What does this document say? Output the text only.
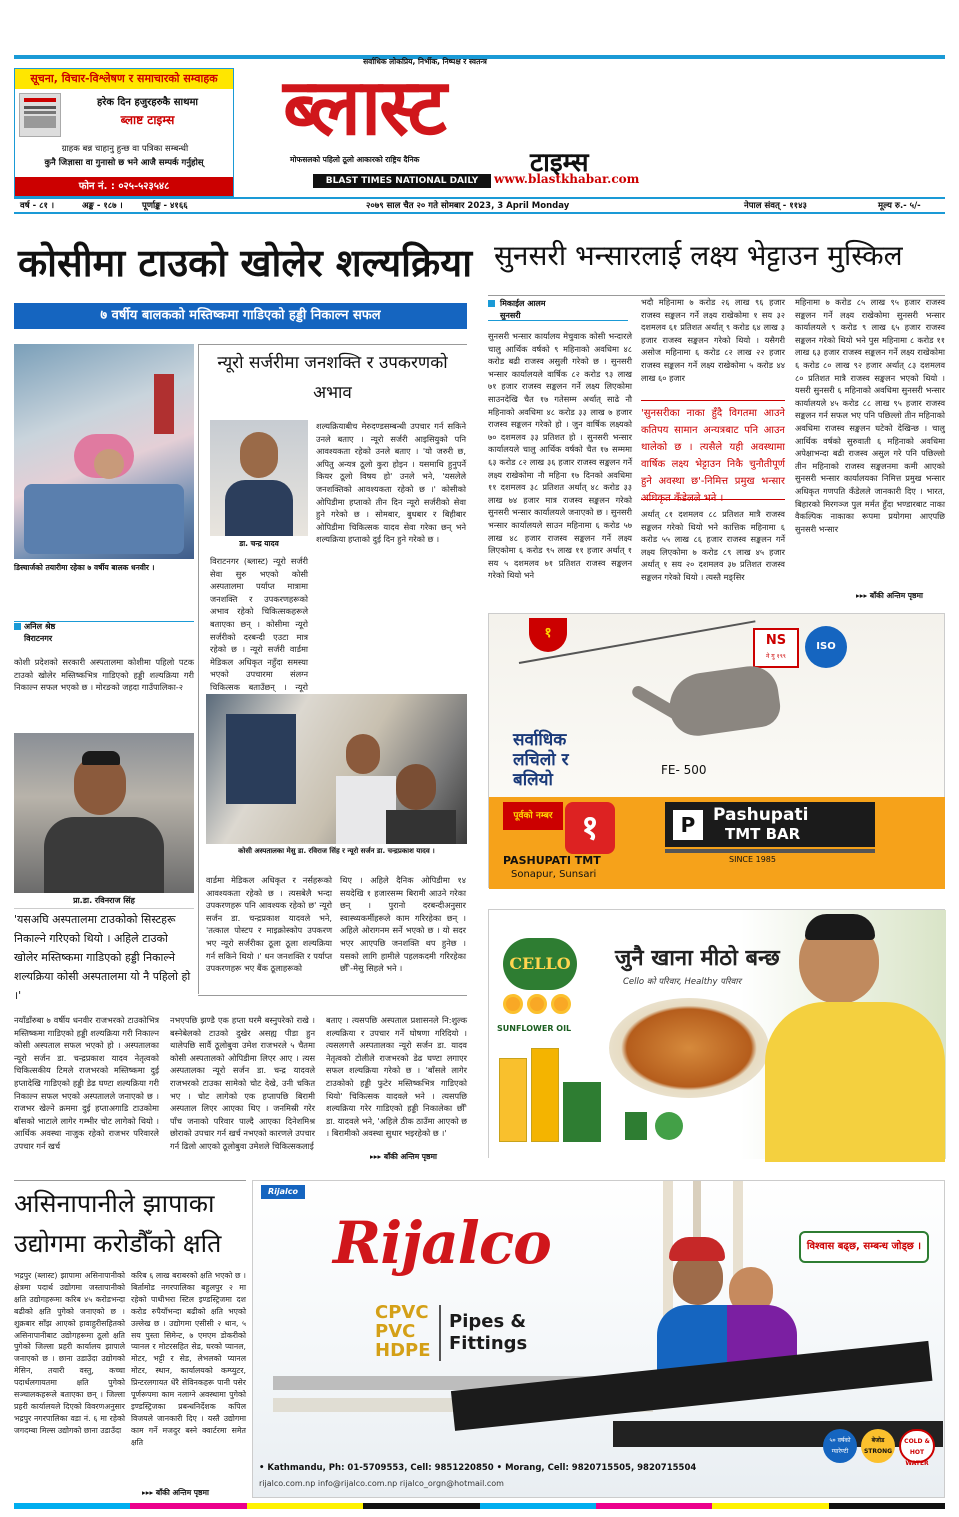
सूचना, विचार-विश्लेषण र समाचारको सम्वाहक
हरेक दिन हजुरहरुकै साथमा
ब्लाष्ट टाइम्स
ग्राहक बन्न चाहानु हुन्छ वा पत्रिका सम्बन्धी
कुनै जिज्ञासा वा गुनासो छ भने आजै सम्पर्क गर्नुहोस्
फोन नं. : ०२५-५२३५४८
सर्वाधिक लोकप्रिय, निर्भीक, निष्पक्ष र स्वतन्त्र
ब्लास्ट
टाइम्स
मोफसलको पहिलो ठूलो आकारको राष्ट्रिय दैनिक
BLAST TIMES NATIONAL DAILY	www.blastkhabar.com
वर्ष - ८१ ।	अङ्क - १८७ । पूर्णाङ्क - ४१६६	२०७९ साल चैत २० गते सोमबार 2023, 3 April Monday	नेपाल संवत् - ११४३	मूल्य रु.- ५/-
कोसीमा टाउको खोलेर शल्यक्रिया
७ वर्षीय बालकको मस्तिष्कमा गाडिएको हड्डी निकाल्न सफल
डिस्चार्जको तयारीमा रहेका ७ वर्षीय बालक धनवीर ।
अनिल श्रेष्ठ
विराटनगर
कोशी प्रदेशको सरकारी अस्पतालमा कोशीमा पहिलो पटक टाउको खोलेर मस्तिष्कभित्र गाडिएको हड्डी शल्यक्रिया गरी निकाल्न सफल भएको छ । मोरङको जहदा गाउँपालिका-२
प्रा.डा. रविनराज सिंह
'यसअघि अस्पतालमा टाउकोको सिस्टहरू निकाल्ने गरिएको थियो । अहिले टाउको खोलेर मस्तिष्कमा गाडिएको हड्डी निकाल्ने शल्यक्रिया कोसी अस्पतालमा यो नै पहिलो हो ।'
न्यूरो सर्जरीमा जनशक्ति र उपकरणको अभाव
डा. चन्द्र यादव
शल्यक्रियाबीच मेरुदण्डसम्बन्धी उपचार गर्न सकिने उनले बताए । न्यूरो सर्जरी आइसियुको पनि आवश्यकता रहेको उनले बताए । 'यो जरुरी छ, अपितु अन्यत्र ठूलो कुरा होइन । यसमाथि हुनुपर्ने कियर ठूलो विषय हो' उनले भने, 'यसलेले जनशक्तिको आवश्यकता रहेको छ ।' कोसीको ओपिडीमा हप्ताको तीन दिन न्यूरो सर्जरीको सेवा हुने गरेको छ । सोमबार, बुधबार र बिहीबार ओपिडीमा चिकित्सक यादव सेवा गरेका छन् भने शल्यक्रिया हप्ताको दुई दिन हुने गरेको छ ।
विराटनगर (ब्लास्ट) न्यूरो सर्जरी सेवा सुरु भएको कोसी अस्पतालमा पर्याप्त मात्रामा जनशक्ति र उपकरणहरूको अभाव रहेको चिकित्सकहरूले बताएका छन् । कोसीमा न्यूरो सर्जरीको दरबन्दी एउटा मात्र रहेको छ । न्यूरो सर्जरी वार्डमा मेडिकल अधिकृत नहुँदा समस्या भएको उपचारमा संलग्न चिकित्सक बताउँछन् । न्यूरो
कोसी अस्पतालका मेसु डा. रविराज सिंह र न्यूरो सर्जन डा. चन्द्रप्रकाश यादव ।
वार्डमा मेडिकल अधिकृत र नर्सहरूको आवश्यकता रहेको छ । त्यसबेलै भन्दा उपकरणहरू पनि आवश्यक रहेको छ' न्यूरो सर्जन डा. चन्द्रप्रकाश यादवले भने, 'तत्काल पोस्टप र माइक्रोस्कोप उपकरण भए न्यूरो सर्जरीका ठूला ठूला शल्यक्रिया गर्न सकिने थियो ।' धन जनशक्ति र पर्याप्त उपकरणहरू भए बैंक ठूलाहरूको
थिए । अहिले दैनिक ओपिडीमा १४ सयदेखि १ हजारसम्म बिरामी आउने गरेका छन् । पुरानो दरबन्दीअनुसार स्वास्थ्यकर्मीहरूले काम गरिरहेका छन् । अहिले ओरागनम सर्ने भएको छ । यो सदर भएर आएपछि जनशक्ति थप हुनेछ । यसको लागि हामीले पहलकदमी गरिरहेका छौँ'-मेसु सिहले भने ।
नयाँडाँरुबा ७ वर्षीय धनवीर राजभरको टाउकोभित्र मस्तिष्कमा गाडिएको हड्डी शल्यक्रिया गरी निकाल्न कोसी अस्पताल सफल भएको हो । अस्पतालका न्यूरो सर्जन डा. चन्द्रप्रकाश यादव नेतृत्वको चिकित्सकीय टिमले राजभरको मस्तिष्कमा दुई हप्तादेखि गाडिएको हड्डी डेढ घण्टा शल्यक्रिया गरी निकाल्न सफल भएको अस्पतालले जनाएको छ । राजभर खेल्ने क्रममा दुई हप्ताअगाडि टाउकोमा बाँसको भाटाले लागेर गम्भीर चोट लागेको थियो । आर्थिक अवस्था नाजुक रहेको राजभर परिवारले उपचार गर्न खर्च
नभएपछि झण्डै एक हप्ता घरमै बस्नुपरेको राखे । बस्नेबेलको टाउको दुखेर असह्य पीडा हुन थालेपछि सार्वै ठूलोबुवा उमेश राजभरले ५ चैतमा कोसी अस्पतालको ओपिडीमा लिएर आए । त्यस अस्पतालका न्यूरो सर्जन डा. चन्द्र यादवले राजभरको टाउका सामेको चोट देखे, उनी चकित भए । चोट लागेको एक हप्तापछि बिरामी अस्पताल लिएर आएका थिए । जनमिस्री गरेर पाँच जनाको परिवार पाल्दै आएका दिनेशमिश्र छोराको उपचार गर्न खर्च नभएको कारणले उपचार गर्न ढिलो आएको ठूलोबुवा उमेशले चिकित्सकलाई
बताए । त्यसपछि अस्पताल प्रशासनले नि:शुल्क शल्यक्रिया र उपचार गर्ने घोषणा गरिदियो । त्यसलगत्तै अस्पतालका न्यूरो सर्जन डा. यादव नेतृत्वको टोलीले राजभरको डेढ घण्टा लगाएर सफल शल्यक्रिया गरेको छ । 'बाँसले लागेर टाउकोको हड्डी फुटेर मस्तिष्कभित्र गाडिएको थियो' चिकित्सक यादवले भने । त्यसपछि शल्यक्रिया गरेर गाडिएको हड्डी निकालेका छौँ' डा. यादवले भने, 'अहिले ठीक ठाउँमा आएको छ । बिरामीको अवस्था सुधार भइरहेको छ ।'
▸▸▸ बाँकी अन्तिम पृष्ठमा
सुनसरी भन्सारलाई लक्ष्य भेट्टाउन मुस्किल
मिकाईल आलम
सुनसरी
सुनसरी भन्सार कार्यालय मेचुवाक कोसी भन्दारले चालु आर्थिक वर्षको ९ महिनाको अवधिमा ४८ करोड बढी राजस्व असुली गरेको छ । सुनसरी भन्सार कार्यालयले वार्षिक ८२ करोड ९३ लाख ७१ हजार राजस्व सङ्कलन गर्ने लक्ष्य लिएकोमा साउनदेखि चैत १७ गतेसम्म अर्थात् साढे नौ महिनाको अवधिमा ४८ करोड ३३ लाख ७ हजार राजस्व सङ्कलन गरेको हो । जुन वार्षिक लक्ष्यको ७० दशमलव ३३ प्रतिशत हो । सुनसरी भन्सार कार्यालयले चालु आर्थिक वर्षको चैत १७ सम्ममा ६३ करोड ८२ लाख ३६ हजार राजस्व सङ्कलन गर्ने लक्ष्य राखेकोमा नौ महिना १७ दिनको अवधिमा ११ दशमलव ३८ प्रतिशत अर्थात् ४८ करोड ३३ लाख ७४ हजार मात्र राजस्व सङ्कलन गरेको सुनसरी भन्सार कार्यालयले जनाएको छ । सुनसरी भन्सार कार्यालयले साउन महिनामा ६ करोड ५७ लाख ४८ हजार राजस्व सङ्कलन गर्ने लक्ष्य लिएकोमा ६ करोड ९५ लाख ११ हजार अर्थात् १ सय ५ दशमलव ७१ प्रतिशत राजस्व सङ्कलन गरेको थियो भने
भदौ महिनामा ७ करोड २६ लाख ९६ हजार राजस्व सङ्कलन गर्ने लक्ष्य राखेकोमा १ सय ३२ दशमलव ६१ प्रतिशत अर्थात् ९ करोड ६४ लाख ३ हजार राजस्व सङ्कलन गरेको थियो । यसैगरी असोज महिनामा ६ करोड ८२ लाख २२ हजार राजस्व सङ्कलन गर्ने लक्ष्य राखेकोमा ५ करोड ४४ लाख ६० हजार
'सुनसरीका नाका हुँदै विगतमा आउने कतिपय सामान अन्यत्रबाट पनि आउन थालेको छ । त्यसैले यही अवस्थामा वार्षिक लक्ष्य भेट्टाउन निकै चुनौतीपूर्ण हुने अवस्था छ'-निमित्त प्रमुख भन्सार अधिकृत कँडेलले भने ।
अर्थात् ८१ दशमलव ८८ प्रतिशत मात्रै राजस्व सङ्कलन गरेको थियो भने कात्तिक महिनामा ६ करोड ५५ लाख ८६ हजार राजस्व सङ्कलन गर्ने लक्ष्य लिएकोमा ७ करोड ८९ लाख ४५ हजार अर्थात् १ सय २० दशमलव ३७ प्रतिशत राजस्व सङ्कलन गरेको थियो । त्यस्तै मङ्सिर
महिनामा ७ करोड ८५ लाख ९५ हजार राजस्व सङ्कलन गर्ने लक्ष्य राखेकोमा सुनसरी भन्सार कार्यालयले ९ करोड ९ लाख ६५ हजार राजस्व सङ्कलन गरेको थियो भने पुस महिनामा ८ करोड ११ लाख ६३ हजार राजस्व सङ्कलन गर्ने लक्ष्य राखेकोमा ६ करोड ८० लाख ९२ हजार अर्थात् ८३ दशमलव ८० प्रतिशत मात्रै राजस्व सङ्कलन भएको थियो । यसरी सुनसरी ६ महिनाको अवधिमा सुनसरी भन्सार कार्यालयले ४५ करोड ८८ लाख ९५ हजार राजस्व सङ्कलन गर्न सफल भए पनि पछिल्लो तीन महिनाको अवधिमा राजस्व सङ्कलन घटेको देखिन्छ । चालु आर्थिक वर्षको सुरुवाती ६ महिनाको अवधिमा अपेक्षाभन्दा बढी राजस्व असुल गरे पनि पछिल्लो तीन महिनाको राजस्व सङ्कलनमा कमी आएको सुनसरी भन्सार कार्यालयका निमित्त प्रमुख भन्सार अधिकृत गणपति कँडेलले जानकारी दिए । भारत, बिहारको मिरगञ्ज पुल मर्मत हुँदा भण्डारबाट नाका वैकल्पिक नाकाका रूपमा प्रयोगमा आएपछि सुनसरी भन्सार
▸▸▸ बाँकी अन्तिम पृष्ठमा
१	NS
ने गु १९९
ISO
सर्वाधिक
लचिलो र
बलियो	FE- 500
पूर्वको नम्बर १
PASHUPATI TMT
Sonapur, Sunsari
P	Pashupati
TMT BAR
SINCE 1985
CELLO
SUNFLOWER OIL
जुनै खाना मीठो बन्छ
Cello को परिवार, Healthy परिवार
असिनापानीले झापाका
उद्योगमा करोडौँको क्षति
भद्रपुर (ब्लास्ट) झापामा असिनापानीको क्षेत्रमा पदार्थ उद्योगमा जस्तापानीको क्षति उद्योगहरूमा करिब ४५ करोडभन्दा बढीको क्षति पुगेको जनाएको छ । शुक्रबार साँझ आएको हावाहुरीसहितको असिनापानीबाट उद्योगहरूमा ठूलो क्षति पुगेको जिल्ला प्रहरी कार्यालय झापाले जनाएको छ । छाना उडाउँदा उद्योगको मेसिन, तयारी वस्तु, कच्चा पदार्थलगायतमा क्षति पुगेको सञ्चालकहरूले बताएका छन् । जिल्ला प्रहरी कार्यालयले दिएको विवरणअनुसार भद्रपुर नगरपालिका वडा नं. ६ मा रहेको जगदम्बा मिल्स उद्योगको छाना उडाउँदा
करिब ६ लाख बराबरको क्षति भएको छ । बिर्तामोड नगरपालिका बहुलपुर २ मा रहेको पाथीभरा स्टिल इण्डस्ट्रिजमा दश करोड रुपैयाँभन्दा बढीको क्षति भएको उल्लेख छ । उद्योगमा एसीसी २ थान, ५ सय पुस्ता सिमेन्ट, ७ एमएम डोकरीको प्यानल र मोटरसहित सेड, घरको प्यानल, मोटर, भट्टी र सेड, लेभलको प्यानल मोटर, स्थान, कार्यालयको कम्प्युटर, प्रिन्टरलगायत धेरै सेविनकहरू पानी पसेर पूर्णरूपमा काम नलाग्ने अवस्थामा पुगेको इण्डस्ट्रिजका प्रबन्धनिर्देशक कपिल विजयले जानकारी दिए । यस्तै उद्योगमा काम गर्ने मजदुर बस्ने क्वार्टरमा समेत क्षति
▸▸▸ बाँकी अन्तिम पृष्ठमा
Rijalco
Rijalco	विश्वास बढ्छ, सम्बन्ध जोड्छ ।
CPVC
PVC
HDPE
Pipes &
Fittings
५० वर्षको ग्यारेण्टी
बेजोड STRONG
COLD & HOT WATER
• Kathmandu, Ph: 01-5709553, Cell: 9851220850 • Morang, Cell: 9820715505, 9820715504
rijalco.com.np info@rijalco.com.np rijalco_orgn@hotmail.com
